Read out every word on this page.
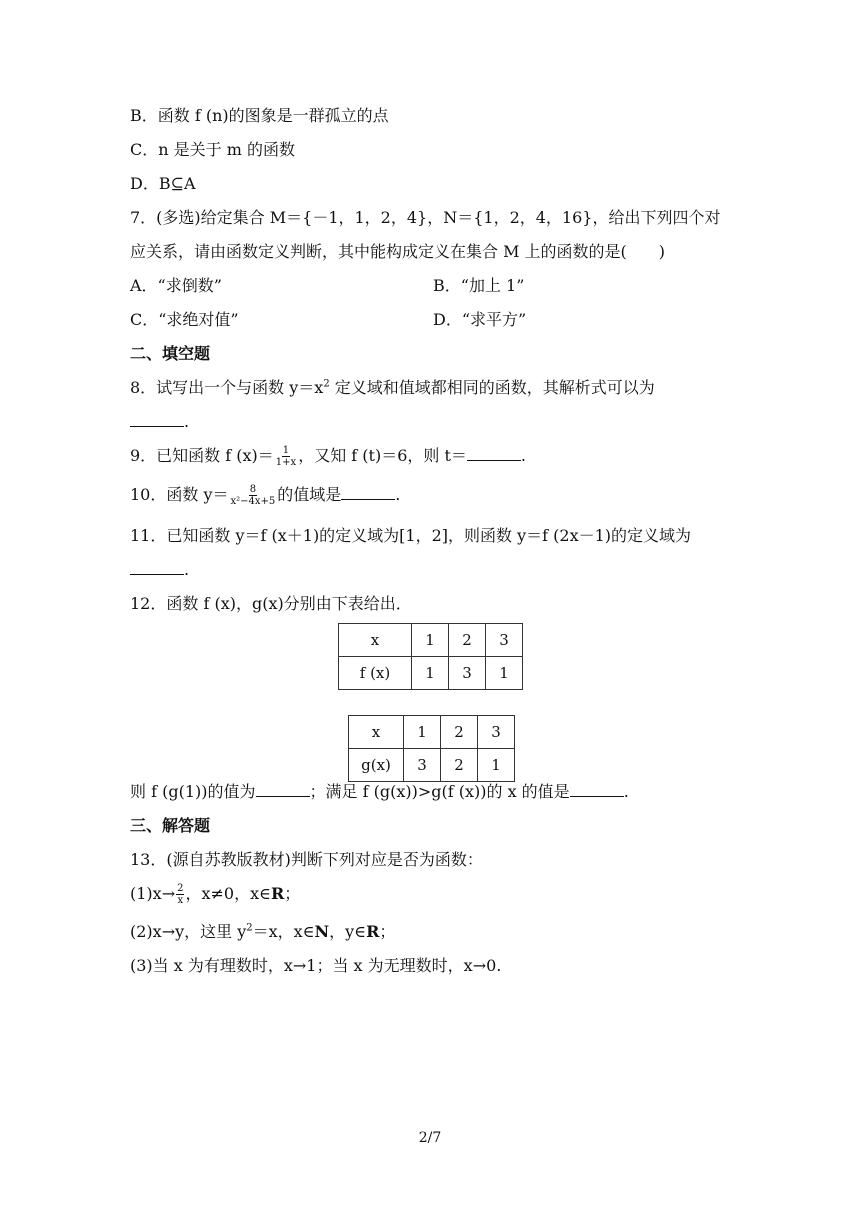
B．函数 f (n)的图象是一群孤立的点
C．n 是关于 m 的函数
D．B⊆A
7．(多选)给定集合 M＝{－1，1，2，4}，N＝{1，2，4，16}，给出下列四个对
应关系，请由函数定义判断，其中能构成定义在集合 M 上的函数的是(　　)
A．“求倒数”	B．“加上 1”
C．“求绝对值”	D．“求平方”
二、填空题
8．试写出一个与函数 $y=x^2$ 定义域和值域都相同的函数，其解析式可以为
.
9．已知函数 f $(x)= \frac{1}{1+x}$ ，又知 f (t)＝6，则 t＝	.
10．函数 $y= \frac{8}{\text{x²−4x+5}}$ 的值域是	.
11．已知函数 y＝f (x＋1)的定义域为[1，2]，则函数 y＝f (2x－1)的定义域为
.
12．函数 f (x)，g(x)分别由下表给出．
x	1	2	3
f (x)	1	3	1
x	1	2	3
g(x)	3	2	1
则 f (g(1))的值为	；满足 f (g(x))>g(f (x))的 x 的值是	.
三、解答题
13．(源自苏教版教材)判断下列对应是否为函数：
$(1)x\to \frac{2}{x}$ ，x≠0，x∈R；
(2)x→y，这里 $y^2=x$，x∈N，y∈R；
(3)当 x 为有理数时，x→1；当 x 为无理数时，x→0.
2/7
